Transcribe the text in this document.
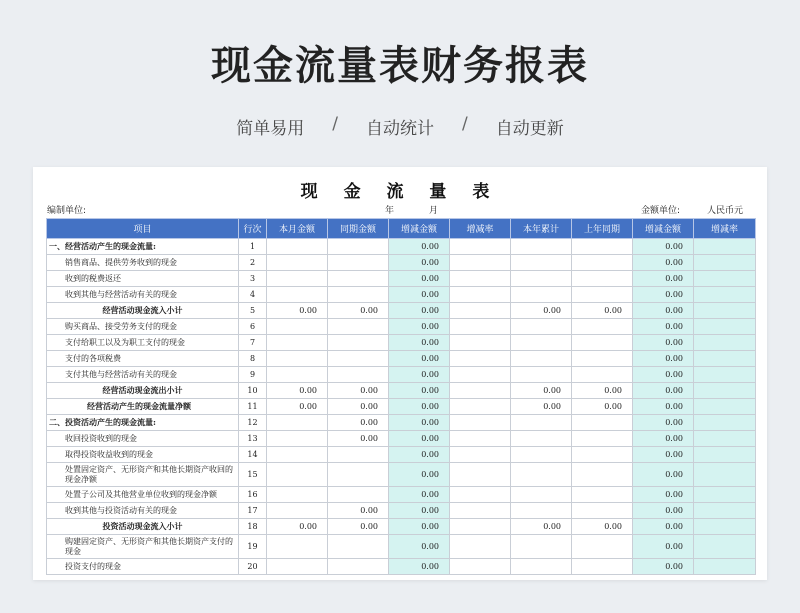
现金流量表财务报表
简单易用	/	自动统计	/	自动更新
现 金 流 量 表
编制单位:	年	月	金额单位:	人民币元
项目	行次	本月金额	同期金额	增减金额	增减率	本年累计	上年同期	增减金额	增减率
一、经营活动产生的现金流量:	1			0.00				0.00	
销售商品、提供劳务收到的现金	2			0.00				0.00	
收到的税费返还	3			0.00				0.00	
收到其他与经营活动有关的现金	4			0.00				0.00	
经营活动现金流入小计	5	0.00	0.00	0.00		0.00	0.00	0.00	
购买商品、接受劳务支付的现金	6			0.00				0.00	
支付给职工以及为职工支付的现金	7			0.00				0.00	
支付的各项税费	8			0.00				0.00	
支付其他与经营活动有关的现金	9			0.00				0.00	
经营活动现金流出小计	10	0.00	0.00	0.00		0.00	0.00	0.00	
经营活动产生的现金流量净额	11	0.00	0.00	0.00		0.00	0.00	0.00	
二、投资活动产生的现金流量:	12		0.00	0.00				0.00	
收回投资收到的现金	13		0.00	0.00				0.00	
取得投资收益收到的现金	14			0.00				0.00	
处置固定资产、无形资产和其他长期资产收回的现金净额	15			0.00				0.00	
处置子公司及其他营业单位收到的现金净额	16			0.00				0.00	
收到其他与投资活动有关的现金	17		0.00	0.00				0.00	
投资活动现金流入小计	18	0.00	0.00	0.00		0.00	0.00	0.00	
购建固定资产、无形资产和其他长期资产支付的现金	19			0.00				0.00	
投资支付的现金	20			0.00				0.00	
